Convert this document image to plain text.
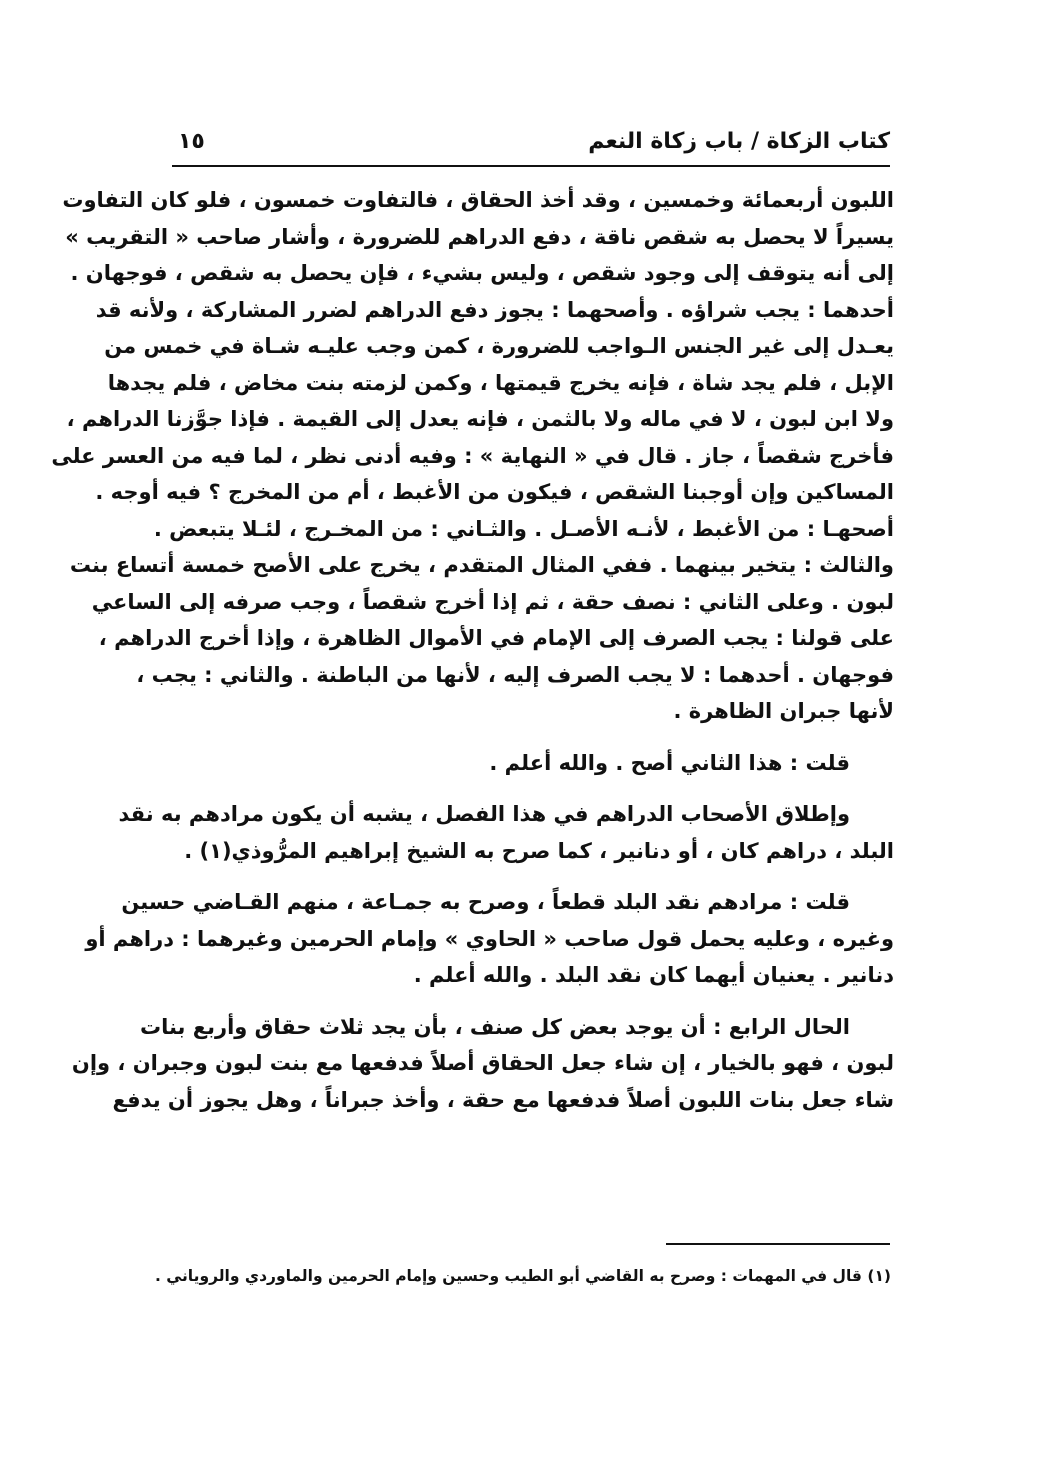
كتاب الزكاة / باب زكاة النعم
١٥
اللبون أربعمائة وخمسين ، وقد أخذ الحقاق ، فالتفاوت خمسون ، فلو كان التفاوت
يسيراً لا يحصل به شقص ناقة ، دفع الدراهم للضرورة ، وأشار صاحب « التقريب »
إلى أنه يتوقف إلى وجود شقص ، وليس بشيء ، فإن يحصل به شقص ، فوجهان .
أحدهما : يجب شراؤه . وأصحهما : يجوز دفع الدراهم لضرر المشاركة ، ولأنه قد
يعـدل إلى غير الجنس الـواجب للضرورة ، كمن وجب عليـه شـاة في خمس من
الإبل ، فلم يجد شاة ، فإنه يخرج قيمتها ، وكمن لزمته بنت مخاض ، فلم يجدها
ولا ابن لبون ، لا في ماله ولا بالثمن ، فإنه يعدل إلى القيمة . فإذا جوَّزنا الدراهم ،
فأخرج شقصاً ، جاز . قال في « النهاية » : وفيه أدنى نظر ، لما فيه من العسر على
المساكين وإن أوجبنا الشقص ، فيكون من الأغبط ، أم من المخرج ؟ فيه أوجه .
أصحهـا : من الأغبط ، لأنـه الأصـل . والثـاني : من المخـرج ، لئـلا يتبعض .
والثالث : يتخير بينهما . ففي المثال المتقدم ، يخرج على الأصح خمسة أتساع بنت
لبون . وعلى الثاني : نصف حقة ، ثم إذا أخرج شقصاً ، وجب صرفه إلى الساعي
على قولنا : يجب الصرف إلى الإمام في الأموال الظاهرة ، وإذا أخرج الدراهم ،
فوجهان . أحدهما : لا يجب الصرف إليه ، لأنها من الباطنة . والثاني : يجب ،
لأنها جبران الظاهرة .
قلت : هذا الثاني أصح . والله أعلم .
وإطلاق الأصحاب الدراهم في هذا الفصل ، يشبه أن يكون مرادهم به نقد
البلد ، دراهم كان ، أو دنانير ، كما صرح به الشيخ إبراهيم المرُّوذي(١) .
قلت : مرادهم نقد البلد قطعاً ، وصرح به جمـاعة ، منهم القـاضي حسين
وغيره ، وعليه يحمل قول صاحب « الحاوي » وإمام الحرمين وغيرهما : دراهم أو
دنانير . يعنيان أيهما كان نقد البلد . والله أعلم .
الحال الرابع : أن يوجد بعض كل صنف ، بأن يجد ثلاث حقاق وأربع بنات
لبون ، فهو بالخيار ، إن شاء جعل الحقاق أصلاً فدفعها مع بنت لبون وجبران ، وإن
شاء جعل بنات اللبون أصلاً فدفعها مع حقة ، وأخذ جبراناً ، وهل يجوز أن يدفع
(١) قال في المهمات : وصرح به القاضي أبو الطيب وحسين وإمام الحرمين والماوردي والروياني .
